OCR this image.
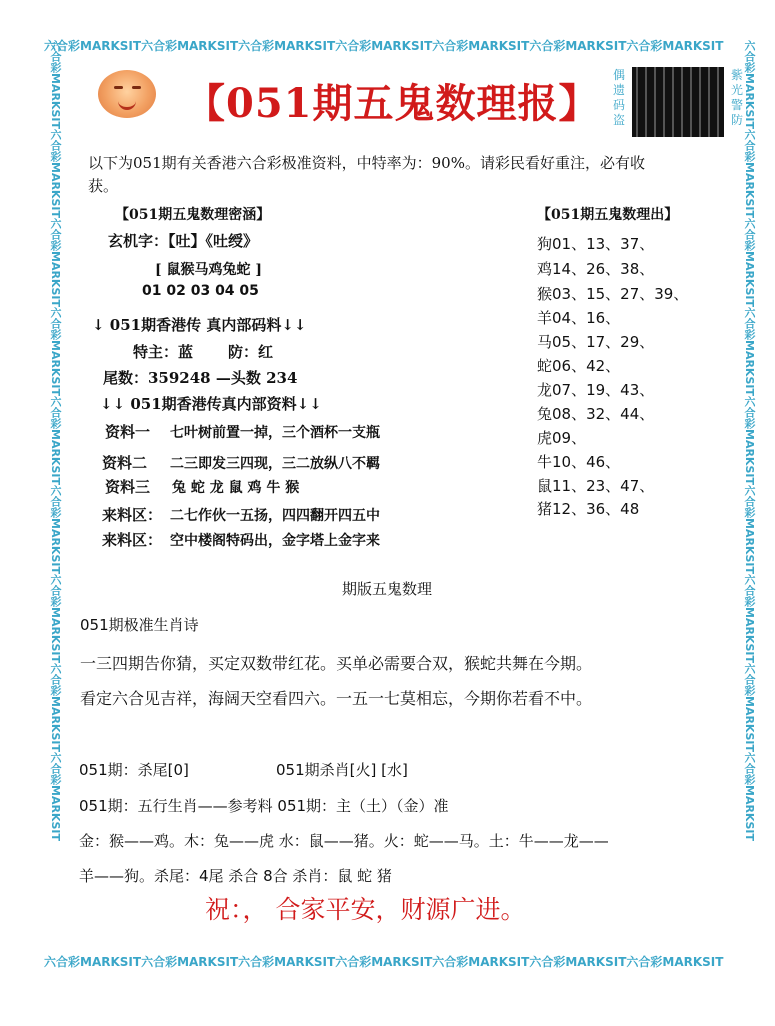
六合彩MARKSIT六合彩MARKSIT六合彩MARKSIT六合彩MARKSIT六合彩MARKSIT六合彩MARKSIT六合彩MARKSIT
六合彩MARKSIT六合彩MARKSIT六合彩MARKSIT六合彩MARKSIT六合彩MARKSIT六合彩MARKSIT六合彩MARKSIT
六合彩MARKSIT
六合彩MARKSIT
六合彩MARKSIT
六合彩MARKSIT
六合彩MARKSIT
六合彩MARKSIT
六合彩MARKSIT
六合彩MARKSIT
六合彩MARKSIT
六合彩MARKSIT
六合彩MARKSIT
六合彩MARKSIT
六合彩MARKSIT
六合彩MARKSIT
六合彩MARKSIT
六合彩MARKSIT
六合彩MARKSIT
六合彩MARKSIT
【051期五鬼数理报】
偶遗码盗
紫光警防
以下为051期有关香港六合彩极准资料，中特率为：90%。请彩民看好重注，必有收
获。
【051期五鬼数理密涵】
玄机字：【吐】《吐绶》
[ 鼠猴马鸡兔蛇 ]
01 02 03 04 05
↓ 051期香港传 真内部码料↓↓
特主：蓝 防：红
尾数：359248 —头数 234
↓↓ 051期香港传真内部资料↓↓
资料一 七叶树前置一掉，三个酒杯一支瓶
资料二 二三即发三四现，三二放纵八不羁
资料三 兔 蛇 龙 鼠 鸡 牛 猴
来料区： 二七作伙一五扬，四四翻开四五中
来料区： 空中楼阁特码出，金字塔上金字来
【051期五鬼数理出】
狗01、13、37、
鸡14、26、38、
猴03、15、27、39、
羊04、16、
马05、17、29、
蛇06、42、
龙07、19、43、
兔08、32、44、
虎09、
牛10、46、
鼠11、23、47、
猪12、36、48
期版五鬼数理
051期极准生肖诗
一三四期告你猜，买定双数带红花。买单必需要合双，猴蛇共舞在今期。
看定六合见吉祥，海阔天空看四六。一五一七莫相忘，今期你若看不中。
051期：杀尾[0]	051期杀肖[火] [水]
051期：五行生肖——参考料 051期：主（土）（金）准
金：猴——鸡。木：兔——虎 水：鼠——猪。火：蛇——马。土：牛——龙——
羊——狗。杀尾：4尾 杀合 8合 杀肖：鼠 蛇 猪
祝：， 合家平安，财源广进。
